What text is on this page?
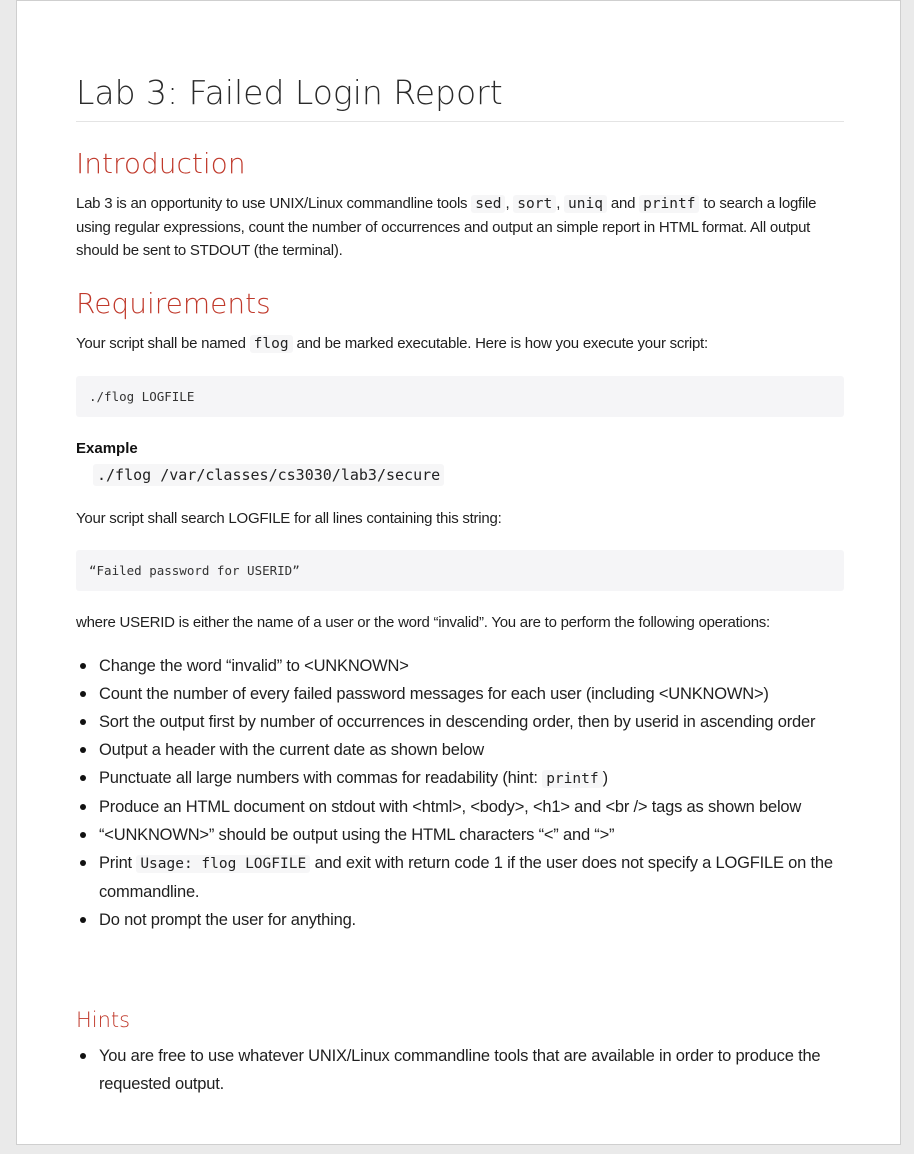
Lab 3: Failed Login Report
Introduction

Lab 3 is an opportunity to use UNIX/Linux commandline tools sed , sort , uniq and printf to search a logfile using regular expressions, count the number of occurrences and output an simple report in HTML format. All output should be sent to STDOUT (the terminal).

Requirements

Your script shall be named flog and be marked executable. Here is how you execute your script:

./flog LOGFILE
Example
./flog /var/classes/cs3030/lab3/secure

Your script shall search LOGFILE for all lines containing this string:

“Failed password for USERID”

where USERID is either the name of a user or the word “invalid”. You are to perform the following operations:

Change the word “invalid” to <UNKNOWN>
Count the number of every failed password messages for each user (including <UNKNOWN>)
Sort the output first by number of occurrences in descending order, then by userid in ascending order
Output a header with the current date as shown below
Punctuate all large numbers with commas for readability (hint: printf )
Produce an HTML document on stdout with <html>, <body>, <h1> and <br /> tags as shown below
“<UNKNOWN>” should be output using the HTML characters “<” and “>”
Print Usage: flog LOGFILE and exit with return code 1 if the user does not specify a LOGFILE on the commandline.
Do not prompt the user for anything.
Hints
You are free to use whatever UNIX/Linux commandline tools that are available in order to produce the requested output.
